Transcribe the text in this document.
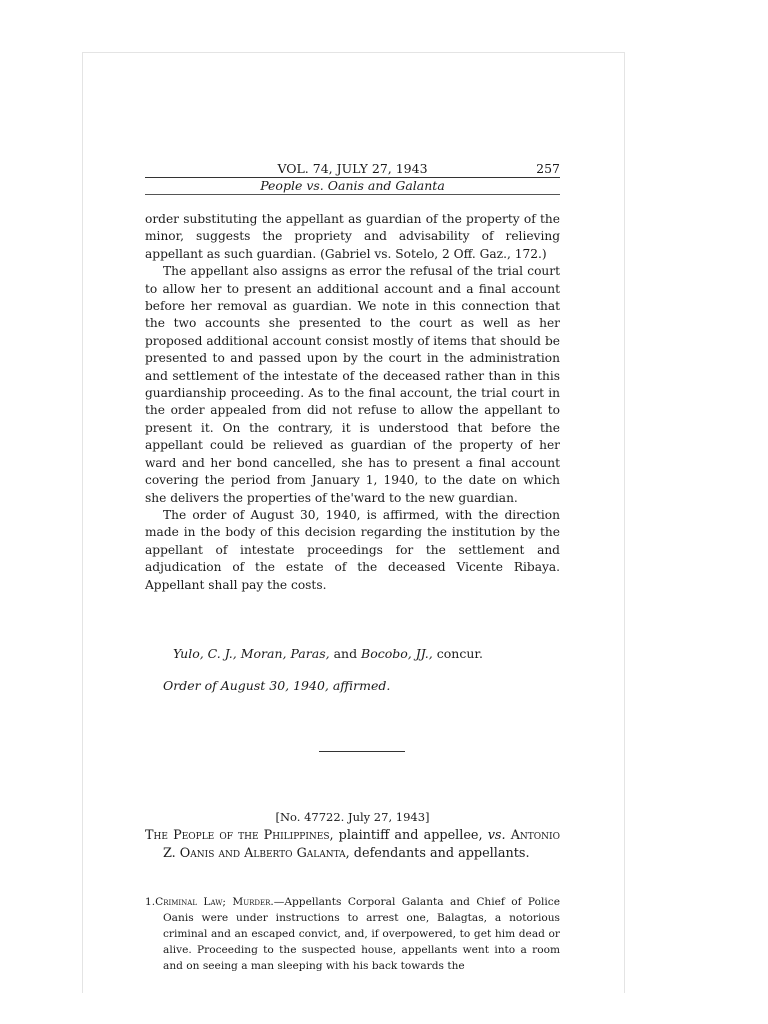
VOL. 74, JULY 27, 1943	257
People vs. Oanis and Galanta

order substituting the appellant as guardian of the property of the minor, suggests the propriety and advisability of relieving appellant as such guardian. (Gabriel vs. Sotelo, 2 Off. Gaz., 172.)

The appellant also assigns as error the refusal of the trial court to allow her to present an additional account and a final account before her removal as guardian. We note in this connection that the two accounts she presented to the court as well as her proposed additional account consist mostly of items that should be presented to and passed upon by the court in the administration and settlement of the intestate of the deceased rather than in this guardianship proceeding. As to the final account, the trial court in the order appealed from did not refuse to allow the appellant to present it. On the contrary, it is understood that before the appellant could be relieved as guardian of the property of her ward and her bond cancelled, she has to present a final account covering the period from January 1, 1940, to the date on which she delivers the properties of the'ward to the new guardian.

The order of August 30, 1940, is affirmed, with the direction made in the body of this decision regarding the institution by the appellant of intestate proceedings for the settlement and adjudication of the estate of the deceased Vicente Ribaya. Appellant shall pay the costs.

Yulo, C. J., Moran, Paras, and Bocobo, JJ., concur.
Order of August 30, 1940, affirmed.
[No. 47722. July 27, 1943]
The People of the Philippines, plaintiff and appellee, vs. Antonio Z. Oanis and Alberto Galanta, defendants and appellants.
1.Criminal Law; Murder.—Appellants Corporal Galanta and Chief of Police Oanis were under instructions to arrest one, Balagtas, a notorious criminal and an escaped convict, and, if overpowered, to get him dead or alive. Proceeding to the suspected house, appellants went into a room and on seeing a man sleeping with his back towards the
